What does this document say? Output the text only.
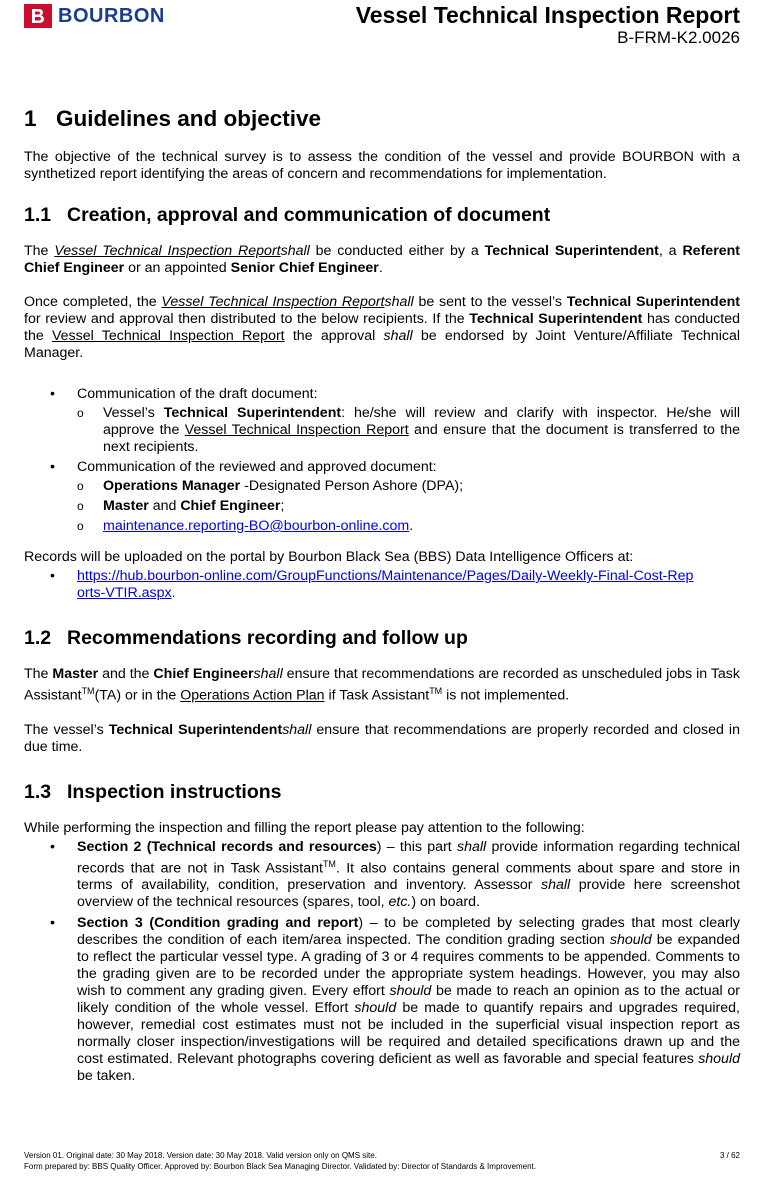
BOURBON	Vessel Technical Inspection Report
B-FRM-K2.0026
1 Guidelines and objective

The objective of the technical survey is to assess the condition of the vessel and provide BOURBON with a synthetized report identifying the areas of concern and recommendations for implementation.

1.1 Creation, approval and communication of document

The Vessel Technical Inspection Reportshall be conducted either by a Technical Superintendent, a Referent Chief Engineer or an appointed Senior Chief Engineer.

Once completed, the Vessel Technical Inspection Reportshall be sent to the vessel’s Technical Superintendent for review and approval then distributed to the below recipients. If the Technical Superintendent has conducted the Vessel Technical Inspection Report the approval shall be endorsed by Joint Venture/Affiliate Technical Manager.

• Communication of the draft document:
o Vessel’s Technical Superintendent: he/she will review and clarify with inspector. He/she will approve the Vessel Technical Inspection Report and ensure that the document is transferred to the next recipients.
• Communication of the reviewed and approved document:
o Operations Manager -Designated Person Ashore (DPA);
o Master and Chief Engineer;
o maintenance.reporting-BO@bourbon-online.com.

Records will be uploaded on the portal by Bourbon Black Sea (BBS) Data Intelligence Officers at:

• https://hub.bourbon-online.com/GroupFunctions/Maintenance/Pages/Daily-Weekly-Final-Cost-Reports-VTIR.aspx.
1.2 Recommendations recording and follow up

The Master and the Chief Engineershall ensure that recommendations are recorded as unscheduled jobs in Task Assistant™(TA) or in the Operations Action Plan if Task Assistant™ is not implemented.

The vessel’s Technical Superintendentshall ensure that recommendations are properly recorded and closed in due time.

1.3 Inspection instructions

While performing the inspection and filling the report please pay attention to the following:

• Section 2 (Technical records and resources) – this part shall provide information regarding technical records that are not in Task Assistant™. It also contains general comments about spare and store in terms of availability, condition, preservation and inventory. Assessor shall provide here screenshot overview of the technical resources (spares, tool, etc.) on board.
• Section 3 (Condition grading and report) – to be completed by selecting grades that most clearly describes the condition of each item/area inspected. The condition grading section should be expanded to reflect the particular vessel type. A grading of 3 or 4 requires comments to be appended. Comments to the grading given are to be recorded under the appropriate system headings. However, you may also wish to comment any grading given. Every effort should be made to reach an opinion as to the actual or likely condition of the whole vessel. Effort should be made to quantify repairs and upgrades required, however, remedial cost estimates must not be included in the superficial visual inspection report as normally closer inspection/investigations will be required and detailed specifications drawn up and the cost estimated. Relevant photographs covering deficient as well as favorable and special features should be taken.
Version 01. Original date: 30 May 2018. Version date: 30 May 2018. Valid version only on QMS site.
Form prepared by: BBS Quality Officer. Approved by: Bourbon Black Sea Managing Director. Validated by: Director of Standards & Improvement.
3 / 62
